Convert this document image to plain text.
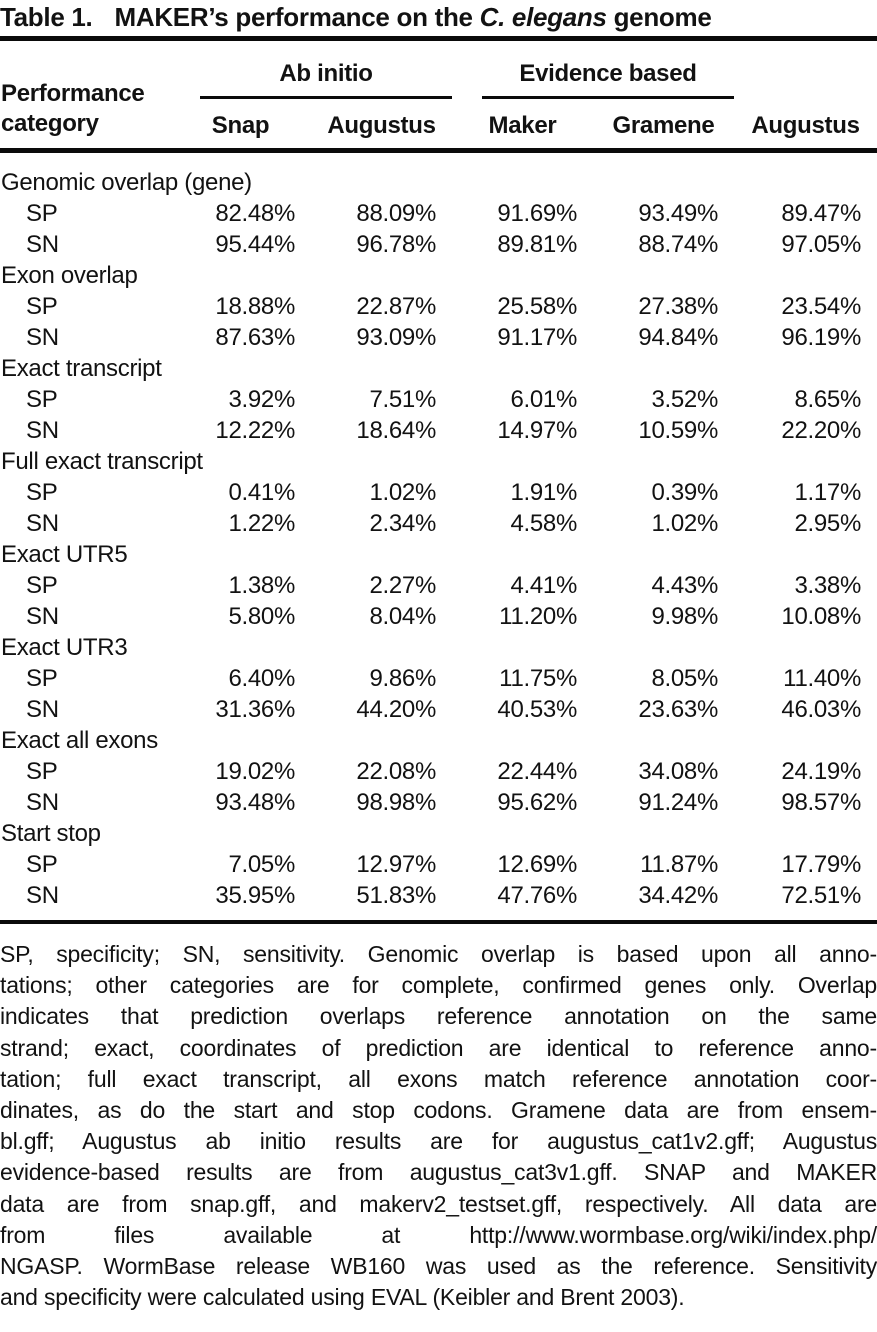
Table 1. MAKER’s performance on the C. elegans genome
Performance
category	Ab initio		Evidence based		

	Snap	Augustus	Maker	Gramene	Augustus
Genomic overlap (gene)					
SP	82.48%	88.09%	91.69%	93.49%	89.47%
SN	95.44%	96.78%	89.81%	88.74%	97.05%
Exon overlap					
SP	18.88%	22.87%	25.58%	27.38%	23.54%
SN	87.63%	93.09%	91.17%	94.84%	96.19%
Exact transcript					
SP	3.92%	7.51%	6.01%	3.52%	8.65%
SN	12.22%	18.64%	14.97%	10.59%	22.20%
Full exact transcript					
SP	0.41%	1.02%	1.91%	0.39%	1.17%
SN	1.22%	2.34%	4.58%	1.02%	2.95%
Exact UTR5					
SP	1.38%	2.27%	4.41%	4.43%	3.38%
SN	5.80%	8.04%	11.20%	9.98%	10.08%
Exact UTR3					
SP	6.40%	9.86%	11.75%	8.05%	11.40%
SN	31.36%	44.20%	40.53%	23.63%	46.03%
Exact all exons					
SP	19.02%	22.08%	22.44%	34.08%	24.19%
SN	93.48%	98.98%	95.62%	91.24%	98.57%
Start stop					
SP	7.05%	12.97%	12.69%	11.87%	17.79%
SN	35.95%	51.83%	47.76%	34.42%	72.51%
SP, specificity; SN, sensitivity. Genomic overlap is based upon all anno-
tations; other categories are for complete, confirmed genes only. Overlap
indicates that prediction overlaps reference annotation on the same
strand; exact, coordinates of prediction are identical to reference anno-
tation; full exact transcript, all exons match reference annotation coor-
dinates, as do the start and stop codons. Gramene data are from ensem-
bl.gff; Augustus ab initio results are for augustus_cat1v2.gff; Augustus
evidence-based results are from augustus_cat3v1.gff. SNAP and MAKER
data are from snap.gff, and makerv2_testset.gff, respectively. All data are
from files available at http://www.wormbase.org/wiki/index.php/
NGASP. WormBase release WB160 was used as the reference. Sensitivity
and specificity were calculated using EVAL (Keibler and Brent 2003).
